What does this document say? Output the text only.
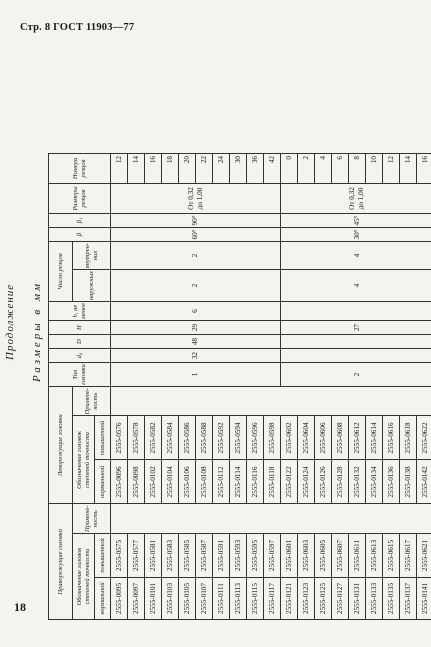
Стр. 8 ГОСТ 11903—77
Продолжение Размеры в мм
Праворежущие головки			Леворежущие головки			Тип головки	d₀	D	H	h, не менее	Число резцов		β	β₁	Размеры резцов	Номера резцов
Обозначение головок степеней точности		Примене-ность	Обозначение головок степеней точности		Примене-ность						наружных	внутрен-них				
нормальной	повышенной		нормальной	повышенной												
2555-0095	2555-0575		2555-0096	2555-0576		1	32	48	29	6	2	2	60°	90°	От 0,32 до 1,00	12
2555-0097	2555-0577		2555-0098	2555-0578												14
2555-0101	2555-0581		2555-0102	2555-0582												16
2555-0103	2555-0583		2555-0104	2555-0584												18
2555-0105	2555-0585		2555-0106	2555-0586												20
2555-0107	2555-0587		2555-0108	2555-0588												22
2555-0111	2555-0591		2555-0112	2555-0592												24
2555-0113	2555-0593		2555-0114	2555-0594												30
2555-0115	2555-0595		2555-0116	2555-0596												36
2555-0117	2555-0597		2555-0118	2555-0598												42
2555-0121	2555-0601		2555-0122	2555-0602		2			27		4	4	30°	45°	От 0,32 до 1,00	0
2555-0123	2555-0603		2555-0124	2555-0604												2
2555-0125	2555-0605		2555-0126	2555-0606												4
2555-0127	2555-0607		2555-0128	2555-0608												6
2555-0131	2555-0611		2555-0132	2555-0612												8
2555-0133	2555-0613		2555-0134	2555-0614												10
2555-0135	2555-0615		2555-0136	2555-0616												12
2555-0137	2555-0617		2555-0138	2555-0618												14
2555-0141	2555-0621		2555-0142	2555-0622												16
18
